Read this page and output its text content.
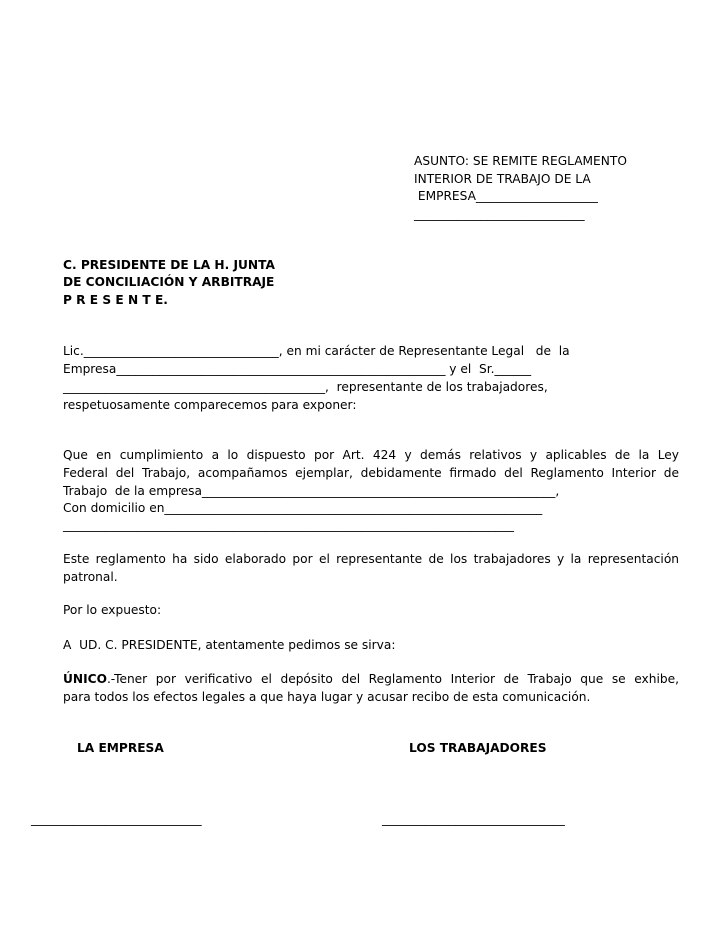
ASUNTO: SE REMITE REGLAMENTO
INTERIOR DE TRABAJO DE LA
EMPRESA____________________
____________________________
C. PRESIDENTE DE LA H. JUNTA
DE CONCILIACIÓN Y ARBITRAJE
P R E S E N T E.
Lic.________________________________, en mi carácter de Representante Legal   de  la
Empresa______________________________________________________ y el  Sr.______
___________________________________________,  representante de los trabajadores,
respetuosamente comparecemos para exponer:
Que en cumplimiento a lo dispuesto por Art. 424 y demás relativos y aplicables de la Ley
Federal del Trabajo, acompañamos ejemplar, debidamente firmado del Reglamento Interior de
Trabajo  de la empresa__________________________________________________________,
Con domicilio en______________________________________________________________
__________________________________________________________________________
Este reglamento ha sido elaborado por el representante de los trabajadores y la representación
patronal.
Por lo expuesto:
A  UD. C. PRESIDENTE, atentamente pedimos se sirva:
ÚNICO.-Tener por verificativo el depósito del Reglamento Interior de Trabajo que se exhibe,
para todos los efectos legales a que haya lugar y acusar recibo de esta comunicación.
LA EMPRESA	LOS TRABAJADORES
____________________________	______________________________
